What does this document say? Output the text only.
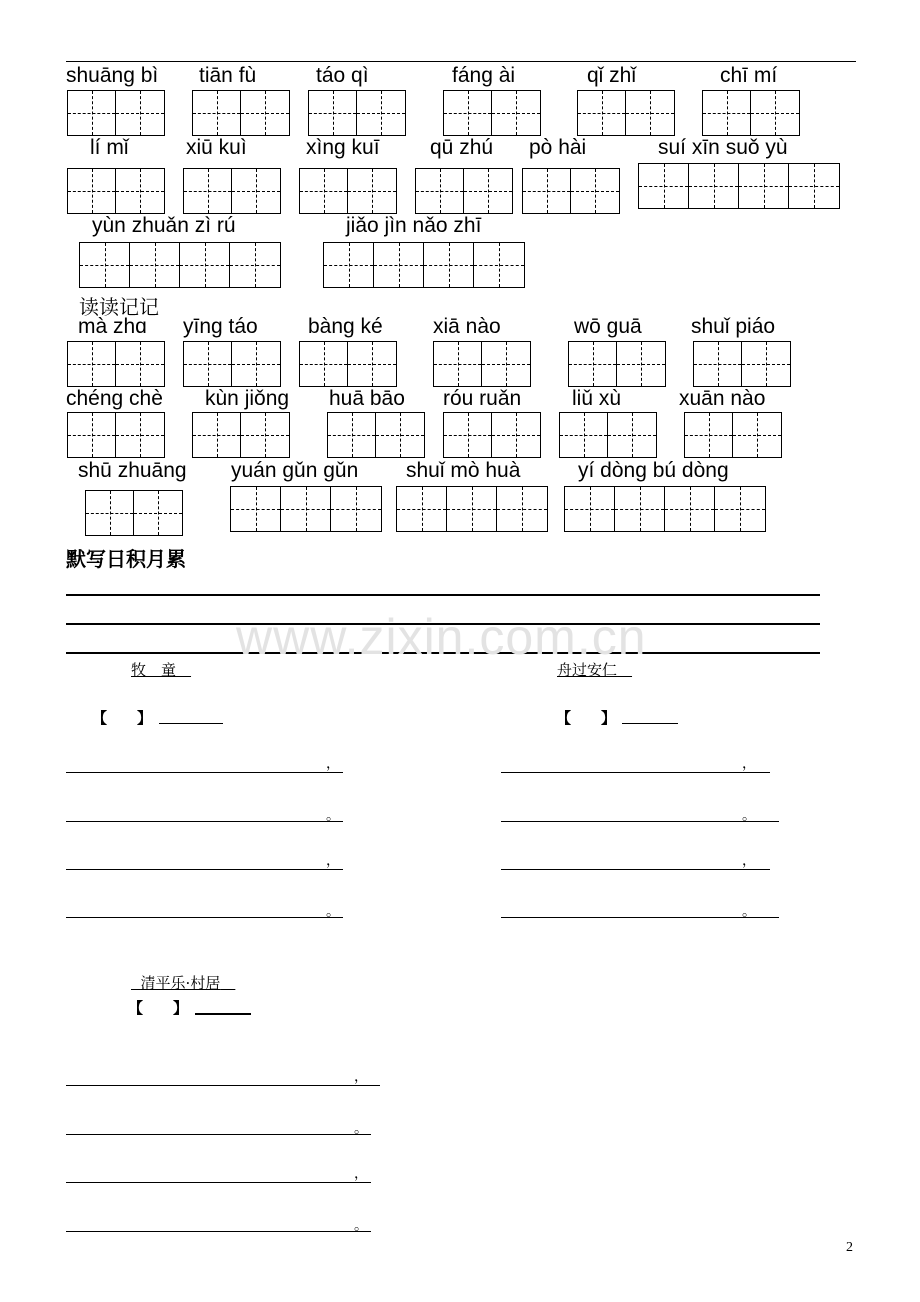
shuāng bì tiān fù	táo qì	fáng ài	qǐ zhǐ	chī mí
lí mǐ	xiū kuì	xìng kuī qū zhú pò hài	suí xīn suǒ yù
yùn zhuǎn zì rú	jiǎo jìn nǎo zhī
读读记记
mà zhɑ yīng táo bàng ké xiā nào	wō guā shuǐ piáo
chéng chè kùn jiǒng huā bāo róu ruǎn liǔ xù	xuān nào
shū zhuāng yuán gǔn gǔn shuǐ mò huà	yí dòng bú dòng
默写日积月累
www.zixin.com.cn
牧　童　
【　　】
，
。
，
。
舟过安仁　
【　　】
，
。
，
。
清平乐·村居　
【　　】
，
。
，
。
2
